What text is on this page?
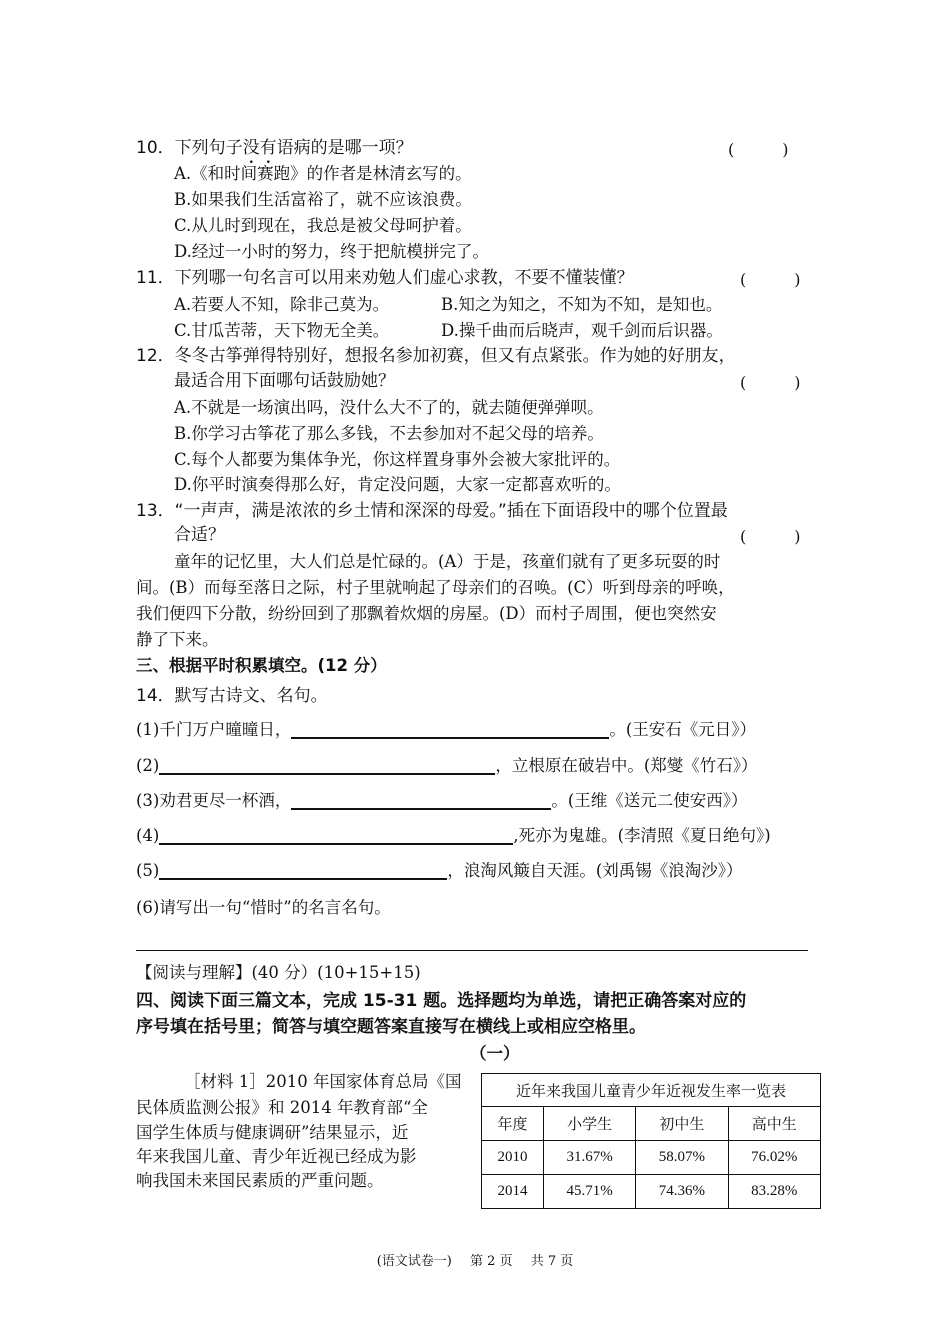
10．下列句子没有语病的是哪一项？	(　　　)
A.《和时间赛跑》的作者是林清玄写的。
B.如果我们生活富裕了，就不应该浪费。
C.从儿时到现在，我总是被父母呵护着。
D.经过一小时的努力，终于把航模拼完了。
11．下列哪一句名言可以用来劝勉人们虚心求教，不要不懂装懂？	(　　　)
A.若要人不知，除非己莫为。	B.知之为知之，不知为不知，是知也。
C.甘瓜苦蒂，天下物无全美。	D.操千曲而后晓声，观千剑而后识器。
12．冬冬古筝弹得特别好，想报名参加初赛，但又有点紧张。作为她的好朋友，
最适合用下面哪句话鼓励她？	(　　　)
A.不就是一场演出吗，没什么大不了的，就去随便弹弹呗。
B.你学习古筝花了那么多钱，不去参加对不起父母的培养。
C.每个人都要为集体争光，你这样置身事外会被大家批评的。
D.你平时演奏得那么好，肯定没问题，大家一定都喜欢听的。
13．“一声声，满是浓浓的乡土情和深深的母爱。”插在下面语段中的哪个位置最
合适？	(　　　)
童年的记忆里，大人们总是忙碌的。(A）于是，孩童们就有了更多玩耍的时
间。(B）而每至落日之际，村子里就响起了母亲们的召唤。(C）听到母亲的呼唤，
我们便四下分散，纷纷回到了那飘着炊烟的房屋。(D）而村子周围，便也突然安
静了下来。
三、根据平时积累填空。(12 分）
14．默写古诗文、名句。
(1)千门万户曈曈日，	。(王安石《元日》）
(2)	，立根原在破岩中。(郑燮《竹石》）
(3)劝君更尽一杯酒，	。(王维《送元二使安西》）
(4)	,死亦为鬼雄。(李清照《夏日绝句》)
(5)	，浪淘风簸自天涯。(刘禹锡《浪淘沙》）
(6)请写出一句“惜时”的名言名句。
【阅读与理解】(40 分）(10+15+15)
四、阅读下面三篇文本，完成 15-31 题。选择题均为单选，请把正确答案对应的
序号填在括号里；简答与填空题答案直接写在横线上或相应空格里。
（一）
［材料 1］2010 年国家体育总局《国
民体质监测公报》和 2014 年教育部“全
国学生体质与健康调研”结果显示，近
年来我国儿童、青少年近视已经成为影
响我国未来国民素质的严重问题。
近年来我国儿童青少年近视发生率一览表			
年度	小学生	初中生	高中生
2010	31.67%	58.07%	76.02%
2014	45.71%	74.36%	83.28%
(语文试卷一) 第 2 页 共 7 页
